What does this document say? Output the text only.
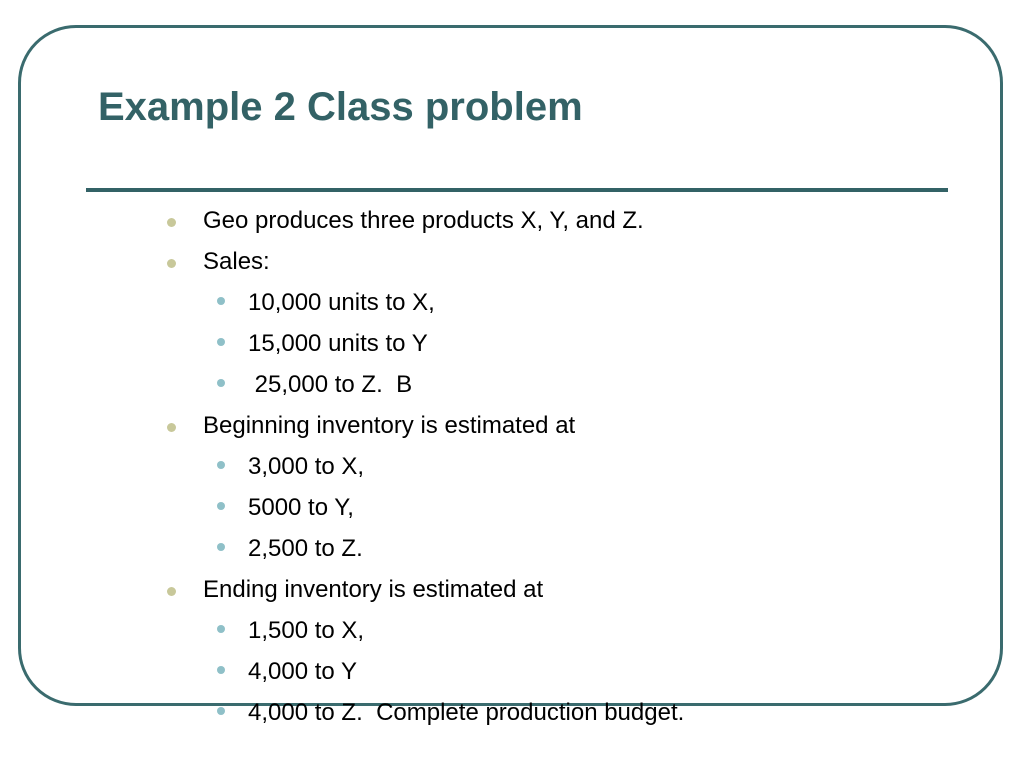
Example 2 Class problem

Geo produces three products X, Y, and Z.

Sales:

10,000 units to X,

15,000 units to Y

25,000 to Z.  B

Beginning inventory is estimated at

3,000 to X,

5000 to Y,

2,500 to Z.

Ending inventory is estimated at

1,500 to X,

4,000 to Y

4,000 to Z.  Complete production budget.
